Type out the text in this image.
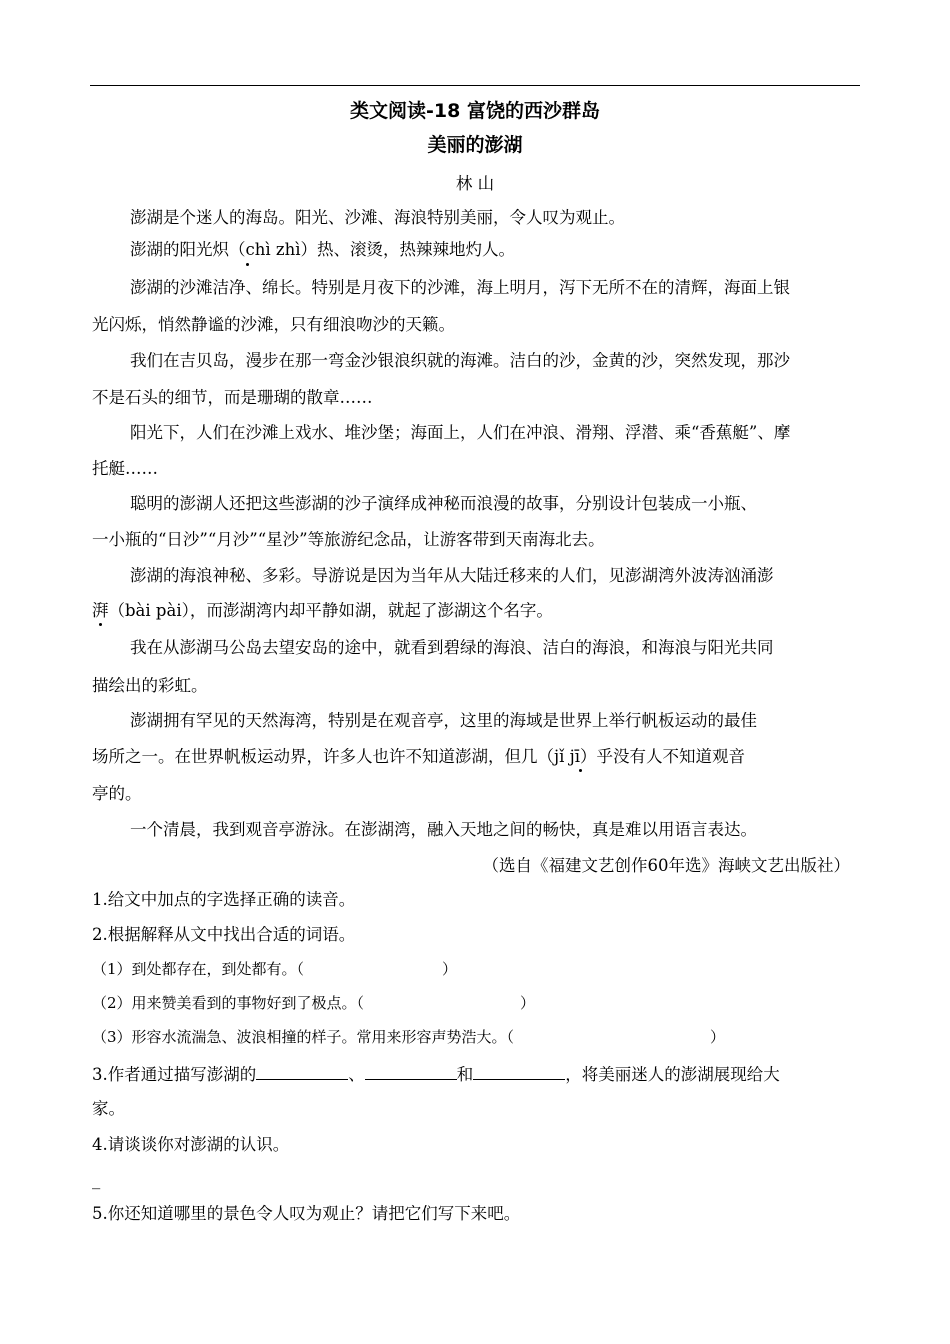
类文阅读-18 富饶的西沙群岛
美丽的澎湖
林 山
澎湖是个迷人的海岛。阳光、沙滩、海浪特别美丽，令人叹为观止。
澎湖的阳光炽（chì zhì）热、滚烫，热辣辣地灼人。
澎湖的沙滩洁净、绵长。特别是月夜下的沙滩，海上明月，泻下无所不在的清辉，海面上银
光闪烁，悄然静谧的沙滩，只有细浪吻沙的天籁。
我们在吉贝岛，漫步在那一弯金沙银浪织就的海滩。洁白的沙，金黄的沙，突然发现，那沙
不是石头的细节，而是珊瑚的散章……
阳光下，人们在沙滩上戏水、堆沙堡；海面上，人们在冲浪、滑翔、浮潜、乘“香蕉艇”、摩
托艇……
聪明的澎湖人还把这些澎湖的沙子演绎成神秘而浪漫的故事，分别设计包装成一小瓶、
一小瓶的“日沙”“月沙”“星沙”等旅游纪念品，让游客带到天南海北去。
澎湖的海浪神秘、多彩。导游说是因为当年从大陆迁移来的人们，见澎湖湾外波涛汹涌澎
湃（bài pài），而澎湖湾内却平静如湖，就起了澎湖这个名字。
我在从澎湖马公岛去望安岛的途中，就看到碧绿的海浪、洁白的海浪，和海浪与阳光共同
描绘出的彩虹。
澎湖拥有罕见的天然海湾，特别是在观音亭，这里的海域是世界上举行帆板运动的最佳
场所之一。在世界帆板运动界，许多人也许不知道澎湖，但几（jǐ jī）乎没有人不知道观音
亭的。
一个清晨，我到观音亭游泳。在澎湖湾，融入天地之间的畅快，真是难以用语言表达。
（选自《福建文艺创作60年选》海峡文艺出版社）
1.给文中加点的字选择正确的读音。
2.根据解释从文中找出合适的词语。
（1）到处都存在，到处都有。（	）
（2）用来赞美看到的事物好到了极点。（	）
（3）形容水流湍急、波浪相撞的样子。常用来形容声势浩大。（	）
3.作者通过描写澎湖的	、	和	，将美丽迷人的澎湖展现给大
家。
4.请谈谈你对澎湖的认识。
_
5.你还知道哪里的景色令人叹为观止？请把它们写下来吧。
